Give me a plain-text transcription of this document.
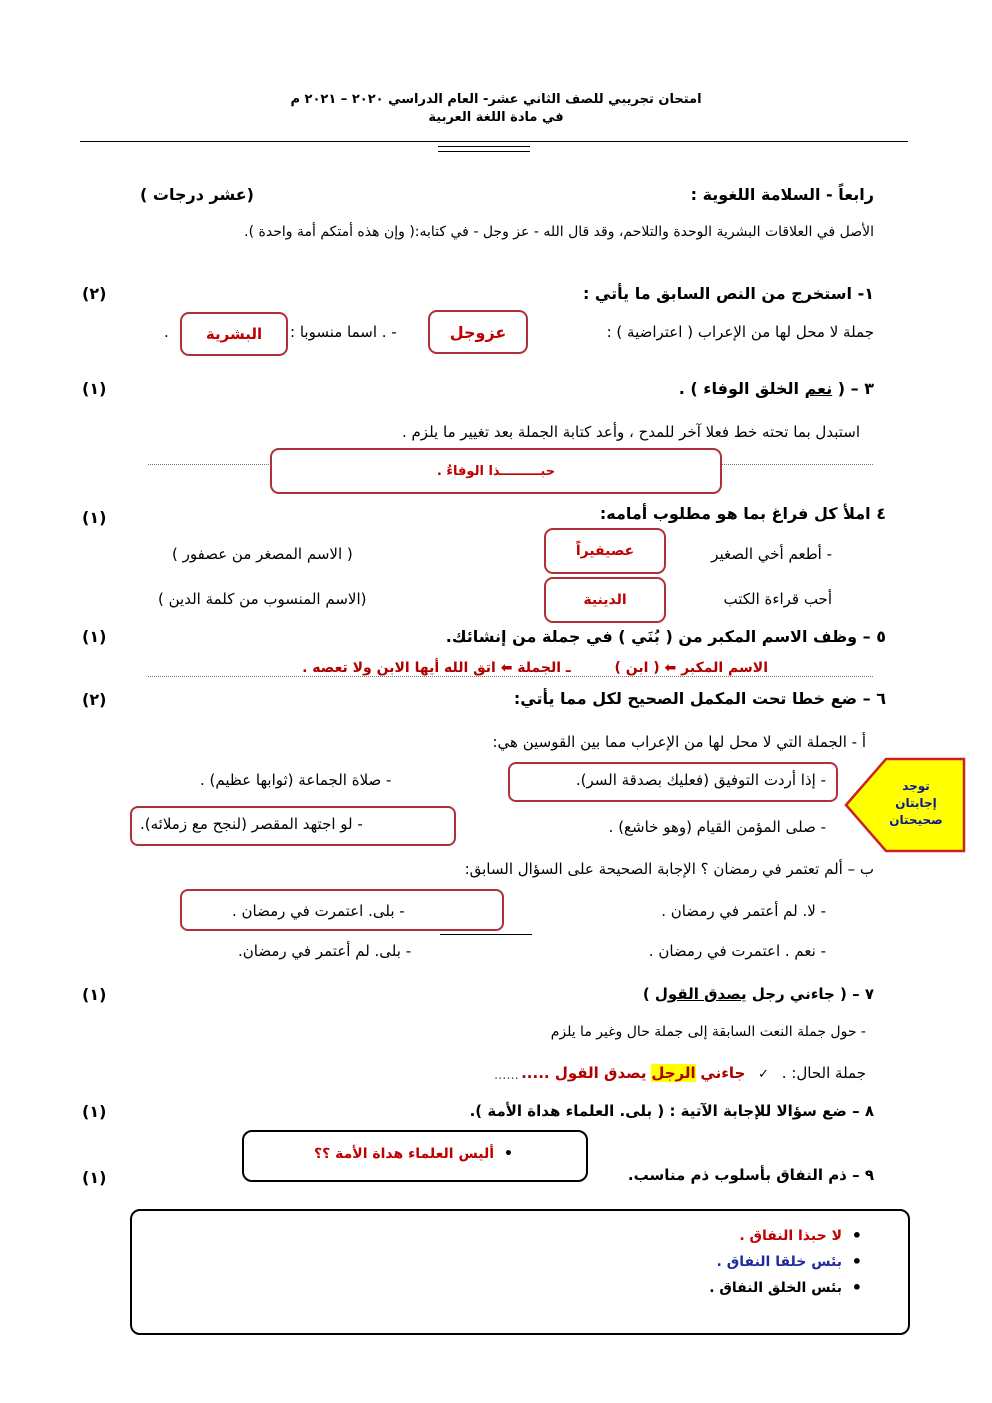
امتحان تجريبي للصف الثاني عشر- العام الدراسي ٢٠٢٠ – ٢٠٢١ م
في مادة اللغة العربية
رابعاً - السلامة اللغوية :
(عشر درجات )
الأصل في العلاقات البشرية الوحدة والتلاحم، وقد قال الله - عز وجل - في كتابه:( وإن هذه أمتكم أمة واحدة ).
١- استخرج من النص السابق ما يأتي :
(٢)
جملة لا محل لها من الإعراب ( اعتراضية ) :
عزوجل
- . اسما منسوبا :
البشرية
.
٣ – ( نعم الخلق الوفاء ) .
(١)
استبدل بما تحته خط فعلا آخر للمدح ، وأعد كتابة الجملة بعد تغيير ما يلزم .
حبـــــــــذا الوفاءُ .
٤ املأ كل فراغ بما هو مطلوب أمامه:
(١)
- أطعم أخي الصغير
عصيفيراً
( الاسم المصغر من عصفور )
أحب قراءة الكتب
الدينية
(الاسم المنسوب من كلمة الدين )
٥ – وظف الاسم المكبر من ( بُنَي ) في جملة من إنشائك.
(١)
الاسم المكبر ⬅ ( ابن )  ـ الجملة ⬅ اتق الله أيها الابن ولا تعصه .
٦ – ضع خطا تحت المكمل الصحيح لكل مما يأتي:
(٢)
أ - الجملة التي لا محل لها من الإعراب مما بين القوسين هي:
- إذا أردت التوفيق (فعليك بصدقة السر).
- صلاة الجماعة (ثوابها عظيم) .
- صلى المؤمن القيام (وهو خاشع) .
- لو اجتهد المقصر (لنجح مع زملائه).
توجد إجابتان صحيحتان
ب – ألم تعتمر في رمضان ؟ الإجابة الصحيحة على السؤال السابق:
- لا. لم أعتمر في رمضان .
- بلى. اعتمرت في رمضان .
- نعم . اعتمرت في رمضان .
- بلى. لم أعتمر في رمضان.
٧ – ( جاءني رجل يصدق القول )
(١)
- حول جملة النعت السابقة إلى جملة حال وغير ما يلزم
جملة الحال: . ✓ جاءني الرجل يصدق القول .....
......
٨ – ضع سؤالا للإجابة الآتية : ( بلى. العلماء هداة الأمة ).
(١)
•أليس العلماء هداة الأمة ؟؟
٩ – ذم النفاق بأسلوب ذم مناسب.
(١)
• لا حبذا النفاق .
• بئس خلقا النفاق .
• بئس الخلق النفاق .
